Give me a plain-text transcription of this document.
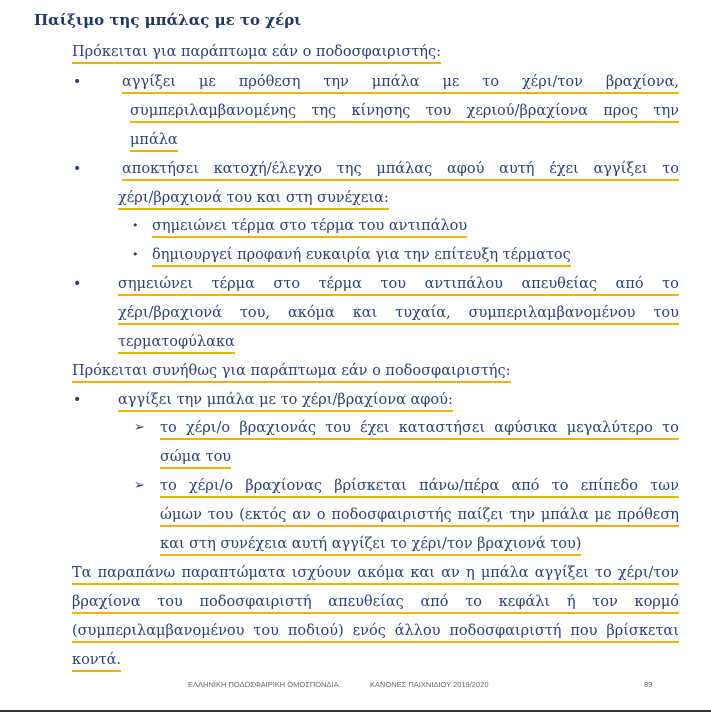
Παίξιμο της μπάλας με το χέρι
Πρόκειται για παράπτωμα εάν ο ποδοσφαιριστής:
•	αγγίξει με πρόθεση την μπάλα με το χέρι/τον βραχίονα,
συμπεριλαμβανομένης της κίνησης του χεριού/βραχίονα προς την
μπάλα
•	αποκτήσει κατοχή/έλεγχο της μπάλας αφού αυτή έχει αγγίξει το
χέρι/βραχιονά του και στη συνέχεια:
• σημειώνει τέρμα στο τέρμα του αντιπάλου
• δημιουργεί προφανή ευκαιρία για την επίτευξη τέρματος
•	σημειώνει τέρμα στο τέρμα του αντιπάλου απευθείας από το
χέρι/βραχιονά του, ακόμα και τυχαία, συμπεριλαμβανομένου του
τερματοφύλακα
Πρόκειται συνήθως για παράπτωμα εάν ο ποδοσφαιριστής:
•	αγγίξει την μπάλα με το χέρι/βραχίονα αφού:
➢ το χέρι/ο βραχιονάς του έχει καταστήσει αφύσικα μεγαλύτερο το
σώμα του
➢ το χέρι/ο βραχίονας βρίσκεται πάνω/πέρα από το επίπεδο των
ώμων του (εκτός αν ο ποδοσφαιριστής παίζει την μπάλα με πρόθεση
και στη συνέχεια αυτή αγγίζει το χέρι/τον βραχιονά του)
Τα παραπάνω παραπτώματα ισχύουν ακόμα και αν η μπάλα αγγίξει το χέρι/τον
βραχίονα του ποδοσφαιριστή απευθείας από το κεφάλι ή τον κορμό
(συμπεριλαμβανομένου του ποδιού) ενός άλλου ποδοσφαιριστή που βρίσκεται
κοντά.
ΕΛΛΗΝΙΚΗ ΠΟΔΟΣΦΑΙΡΙΚΗ ΟΜΟΣΠΟΝΔΙΑ	ΚΑΝΟΝΕΣ ΠΑΙΧΝΙΔΙΟΥ 2019/2020	89
